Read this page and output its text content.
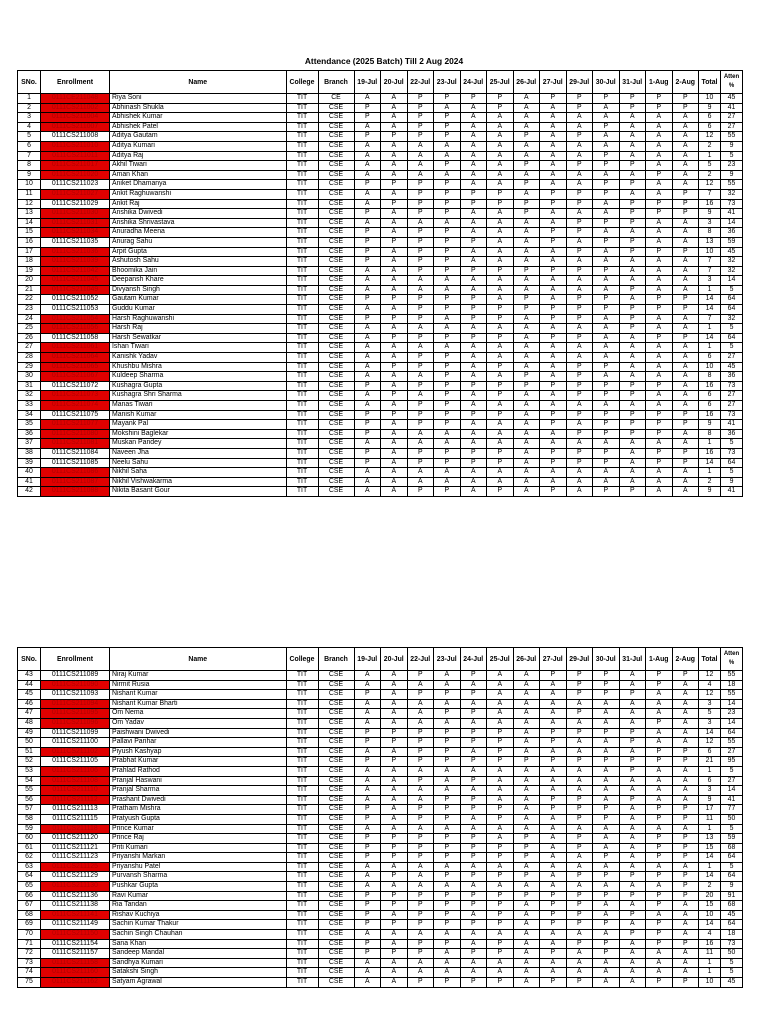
Attendance (2025 Batch) Till 2 Aug 2024
SNo.	Enrollment	Name	College	Branch	19-Jul	20-Jul	22-Jul	23-Jul	24-Jul	25-Jul	26-Jul	27-Jul	29-Jul	30-Jul	31-Jul	1-Aug	2-Aug	Total	Atten %
1	0111CE211048	Riya Soni	TIT	CE	A	A	P	P	P	P	A	P	P	P	P	P	P	10	45
2	0111CS211002	Abhinash Shukla	TIT	CSE	P	A	P	A	A	P	A	A	P	A	P	P	P	9	41
3	0111CS211004	Abhishek Kumar	TIT	CSE	P	A	P	P	A	A	A	A	A	A	A	A	A	6	27
4	0111CS211007	Abhishek Patel	TIT	CSE	A	A	P	P	A	A	A	A	A	P	A	A	A	6	27
5	0111CS211008	Aditya Gautam	TIT	CSE	P	P	P	P	A	A	P	A	P	A	A	A	A	12	55
6	0111CS211010	Aditya Kumari	TIT	CSE	A	A	A	A	A	A	A	A	A	A	A	A	A	2	9
7	0111CS211011	Aditya Raj	TIT	CSE	A	A	A	A	A	A	A	A	A	P	A	A	A	1	5
8	0111CS211017	Akhil Tiwari	TIT	CSE	A	A	A	P	A	A	P	A	P	P	P	A	A	5	23
9	0111CS211020	Aman Khan	TIT	CSE	A	A	A	A	A	A	A	A	A	A	A	P	A	2	9
10	0111CS211023	Aniket Dhamanya	TIT	CSE	P	P	P	P	A	A	P	A	A	P	P	A	A	12	55
11	0111CS211027	Ankit Raghuwanshi	TIT	CSE	A	A	P	P	P	P	A	P	P	P	A	A	P	7	32
12	0111CS211029	Ankit Raj	TIT	CSE	A	P	P	P	P	P	P	P	P	A	P	P	P	16	73
13	0111CS211030	Anshika Dwivedi	TIT	CSE	P	A	P	P	A	A	P	A	A	A	P	P	P	9	41
14	0111CS211031	Anshika Shrivastava	TIT	CSE	A	A	A	A	A	A	A	A	P	P	P	A	A	3	14
15	0111CS211034	Anuradha Meena	TIT	CSE	P	A	P	P	A	A	A	P	P	A	A	A	A	8	36
16	0111CS211035	Anurag Sahu	TIT	CSE	P	P	P	P	P	A	A	P	A	P	P	A	A	13	59
17	0111CS211036	Arpit Gupta	TIT	CSE	P	A	P	P	A	A	A	A	P	A	P	P	P	10	45
18	0111CS211039	Ashutosh Sahu	TIT	CSE	P	A	P	P	A	A	A	A	A	A	A	A	A	7	32
19	0111CS211042	Bhoomika Jain	TIT	CSE	A	A	P	P	P	P	P	P	P	P	A	A	A	7	32
20	0111CS211045	Deepansh Khare	TIT	CSE	A	A	A	A	A	A	A	A	A	A	A	A	A	3	14
21	0111CS211049	Divyansh Singh	TIT	CSE	A	A	A	A	A	A	A	A	A	A	P	A	A	1	5
22	0111CS211052	Gautam Kumar	TIT	CSE	P	P	P	P	P	A	P	A	P	P	A	P	P	14	64
23	0111CS211053	Guddu Kumar	TIT	CSE	A	A	P	P	P	P	P	P	P	P	P	P	P	14	64
24	0111CS211054	Harsh Raghuwanshi	TIT	CSE	P	P	P	A	P	P	A	P	P	A	P	A	A	7	32
25	0111CS211056	Harsh Raj	TIT	CSE	A	A	A	A	A	A	A	A	A	A	P	A	A	1	5
26	0111CS211058	Harsh Sewatkar	TIT	CSE	A	P	P	P	P	P	A	P	P	A	A	P	P	14	64
27	0111CS211061	Ishan Tiwari	TIT	CSE	A	A	A	A	A	A	A	A	A	A	A	A	A	1	5
28	0111CS211064	Kanishk Yadav	TIT	CSE	A	A	P	P	A	A	A	A	A	A	A	A	A	6	27
29	0111CS211065	Khushbu Mishra	TIT	CSE	A	P	P	P	A	P	A	A	P	P	A	A	A	10	45
30	0111CS211067	Kuldeep Sharma	TIT	CSE	A	A	A	P	A	A	P	A	P	A	A	A	A	8	36
31	0111CS211072	Kushagra Gupta	TIT	CSE	P	A	P	P	P	P	P	P	P	P	P	P	A	16	73
32	0111CS211073	Kushagra Shri Sharma	TIT	CSE	A	P	A	P	A	P	A	A	P	P	P	A	A	6	27
33	0111CS211074	Manas Tiwari	TIT	CSE	A	A	P	P	A	A	A	A	A	A	A	A	A	6	27
34	0111CS211075	Manish Kumar	TIT	CSE	P	P	P	P	P	P	A	P	P	P	P	P	P	16	73
35	0111CS211077	Mayank Pal	TIT	CSE	P	A	P	P	A	A	A	P	A	P	P	P	P	9	41
36	0111CS211080	Mokshini Baglekar	TIT	CSE	P	A	A	A	A	A	A	A	P	P	P	P	A	8	36
37	0111CS211081	Muskan Pandey	TIT	CSE	A	A	A	A	A	A	A	A	A	A	A	A	A	1	5
38	0111CS211084	Naveen Jha	TIT	CSE	P	A	P	P	P	P	A	P	P	P	A	P	P	16	73
39	0111CS211085	Neelu Sahu	TIT	CSE	P	A	P	P	P	P	A	P	P	P	A	P	P	14	64
40	0111CS211086	Nikhil Saha	TIT	CSE	A	A	A	A	A	A	A	A	A	A	A	A	A	1	5
41	0111CS211087	Nikhil Vishwakarma	TIT	CSE	A	A	A	A	A	A	A	A	A	A	A	A	A	2	9
42	0111CS211088	Nikita Basant Gour	TIT	CSE	A	A	P	P	A	P	A	P	A	P	P	A	A	9	41
SNo.	Enrollment	Name	College	Branch	19-Jul	20-Jul	22-Jul	23-Jul	24-Jul	25-Jul	26-Jul	27-Jul	29-Jul	30-Jul	31-Jul	1-Aug	2-Aug	Total	Atten %
43	0111CS211089	Niraj Kumar	TIT	CSE	A	A	P	A	P	A	A	P	P	P	A	P	P	12	55
44	0111CS211090	Nirmit Rusia	TIT	CSE	A	A	A	A	A	A	A	A	P	P	A	P	A	4	18
45	0111CS211093	Nishant Kumar	TIT	CSE	P	A	P	P	P	A	A	A	P	P	P	A	A	12	55
46	0111CS211094	Nishant Kumar Bharti	TIT	CSE	A	A	A	A	A	A	A	A	A	A	A	A	A	3	14
47	0111CS211095	Om Nema	TIT	CSE	A	A	A	P	P	A	A	A	P	A	A	A	A	5	23
48	0111CS211096	Om Yadav	TIT	CSE	A	A	A	A	A	A	A	A	A	A	A	P	A	3	14
49	0111CS211099	Paishwani Dwivedi	TIT	CSE	P	P	P	P	P	P	A	P	P	P	P	A	A	14	64
50	0111CS211100	Pallavi Parihar	TIT	CSE	P	P	P	P	P	P	A	P	A	A	P	A	A	12	55
51	0111CS211102	Piyush Kashyap	TIT	CSE	A	A	P	P	A	P	A	A	A	A	A	P	P	6	27
52	0111CS211105	Prabhat Kumar	TIT	CSE	P	P	P	P	P	P	P	P	P	P	P	P	P	21	95
53	0111CS211106	Prahlad Rathod	TIT	CSE	A	A	A	A	A	A	A	A	A	A	P	A	A	1	5
54	0111CS211108	Pranjal Haswani	TIT	CSE	A	A	P	A	P	A	A	A	A	A	A	A	A	6	27
55	0111CS211110	Pranjal Sharma	TIT	CSE	A	A	A	A	A	A	A	A	A	A	A	A	A	3	14
56	0111CS211112	Prashant Dwivedi	TIT	CSE	A	A	A	P	P	A	A	P	P	A	P	A	A	9	41
57	0111CS211113	Pratham Mishra	TIT	CSE	P	A	P	P	P	P	A	P	P	P	A	P	P	17	77
58	0111CS211115	Pratyush Gupta	TIT	CSE	P	A	P	P	A	P	A	A	P	P	A	P	P	11	50
59	0111CS211118	Prince Kumar	TIT	CSE	A	A	A	A	A	A	A	A	A	A	A	A	A	1	5
60	0111CS211120	Prince Raj	TIT	CSE	P	P	P	P	P	A	P	A	P	A	A	P	P	13	59
61	0111CS211121	Priti Kumari	TIT	CSE	P	P	P	P	P	P	P	A	P	A	A	P	P	15	68
62	0111CS211123	Priyanshi Markan	TIT	CSE	P	P	P	P	P	P	P	A	A	P	A	P	P	14	64
63	0111CS211125	Priyanshu Patel	TIT	CSE	A	A	A	A	A	A	A	A	A	A	A	A	A	1	5
64	0111CS211129	Purvansh Sharma	TIT	CSE	A	P	A	P	P	P	P	A	P	P	P	P	P	14	64
65	0111CS211130	Pushkar Gupta	TIT	CSE	A	A	A	A	A	A	A	A	A	A	A	A	P	2	9
66	0111CS211136	Ravi Kumar	TIT	CSE	P	P	P	P	P	P	P	P	P	P	P	P	P	20	91
67	0111CS211138	Ria Tandan	TIT	CSE	P	P	P	P	P	P	A	P	P	A	A	P	A	15	68
68	0111CS211141	Rishav Kuchiya	TIT	CSE	P	A	P	P	A	P	A	P	P	A	P	A	A	10	45
69	0111CS211149	Sachin Kumar Thakur	TIT	CSE	P	P	P	P	P	P	A	P	P	P	A	P	A	14	64
70	0111CS211150	Sachin Singh Chauhan	TIT	CSE	A	A	A	A	A	A	A	A	A	A	P	P	A	4	18
71	0111CS211154	Sana Khan	TIT	CSE	P	A	P	P	A	P	A	A	P	P	A	P	P	16	73
72	0111CS211157	Sandeep Mandal	TIT	CSE	P	P	P	A	P	P	A	P	A	P	A	A	A	11	50
73	0111CS211158	Sandhya Kumari	TIT	CSE	A	A	A	A	A	A	A	A	A	A	A	A	A	1	5
74	0111CS211160	Satakshi Singh	TIT	CSE	A	A	A	A	A	A	A	A	A	A	A	A	A	1	5
75	0111CS211162	Satyam Agrawal	TIT	CSE	A	A	P	P	P	P	A	P	P	A	A	P	P	10	45
